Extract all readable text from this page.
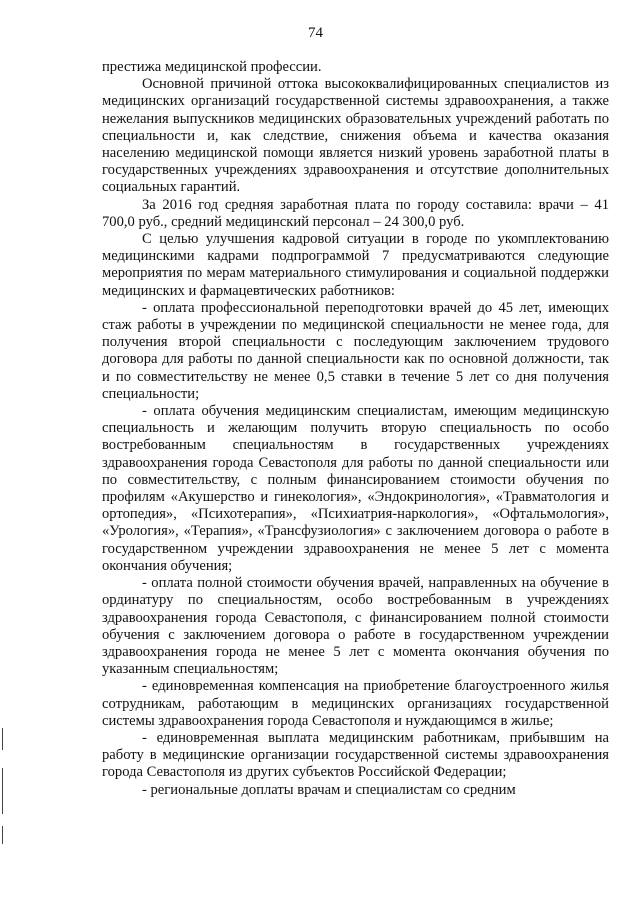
74

престижа медицинской профессии.

Основной причиной оттока высококвалифицированных специалистов из медицинских организаций государственной системы здравоохранения, а также нежелания выпускников медицинских образовательных учреждений работать по специальности и, как следствие, снижения объема и качества оказания населению медицинской помощи является низкий уровень заработной платы в государственных учреждениях здравоохранения и отсутствие дополнительных социальных гарантий.

За 2016 год средняя заработная плата по городу составила: врачи – 41 700,0 руб., средний медицинский персонал – 24 300,0 руб.

С целью улучшения кадровой ситуации в городе по укомплектованию медицинскими кадрами подпрограммой 7 предусматриваются следующие мероприятия по мерам материального стимулирования и социальной поддержки медицинских и фармацевтических работников:

- оплата профессиональной переподготовки врачей до 45 лет, имеющих стаж работы в учреждении по медицинской специальности не менее года, для получения второй специальности с последующим заключением трудового договора для работы по данной специальности как по основной должности, так и по совместительству не менее 0,5 ставки в течение 5 лет со дня получения специальности;

- оплата обучения медицинским специалистам, имеющим медицинскую специальность и желающим получить вторую специальность по особо востребованным специальностям в государственных учреждениях здравоохранения города Севастополя для работы по данной специальности или по совместительству, с полным финансированием стоимости обучения по профилям «Акушерство и гинекология», «Эндокринология», «Травматология и ортопедия», «Психотерапия», «Психиатрия-наркология», «Офтальмология», «Урология», «Терапия», «Трансфузиология» с заключением договора о работе в государственном учреждении здравоохранения не менее 5 лет с момента окончания обучения;

- оплата полной стоимости обучения врачей, направленных на обучение в ординатуру по специальностям, особо востребованным в учреждениях здравоохранения города Севастополя, с финансированием полной стоимости обучения с заключением договора о работе в государственном учреждении здравоохранения города не менее 5 лет с момента окончания обучения по указанным специальностям;

- единовременная компенсация на приобретение благоустроенного жилья сотрудникам, работающим в медицинских организациях государственной системы здравоохранения города Севастополя и нуждающимся в жилье;

- единовременная выплата медицинским работникам, прибывшим на работу в медицинские организации государственной системы здравоохранения города Севастополя из других субъектов Российской Федерации;

- региональные доплаты врачам и специалистам со средним
